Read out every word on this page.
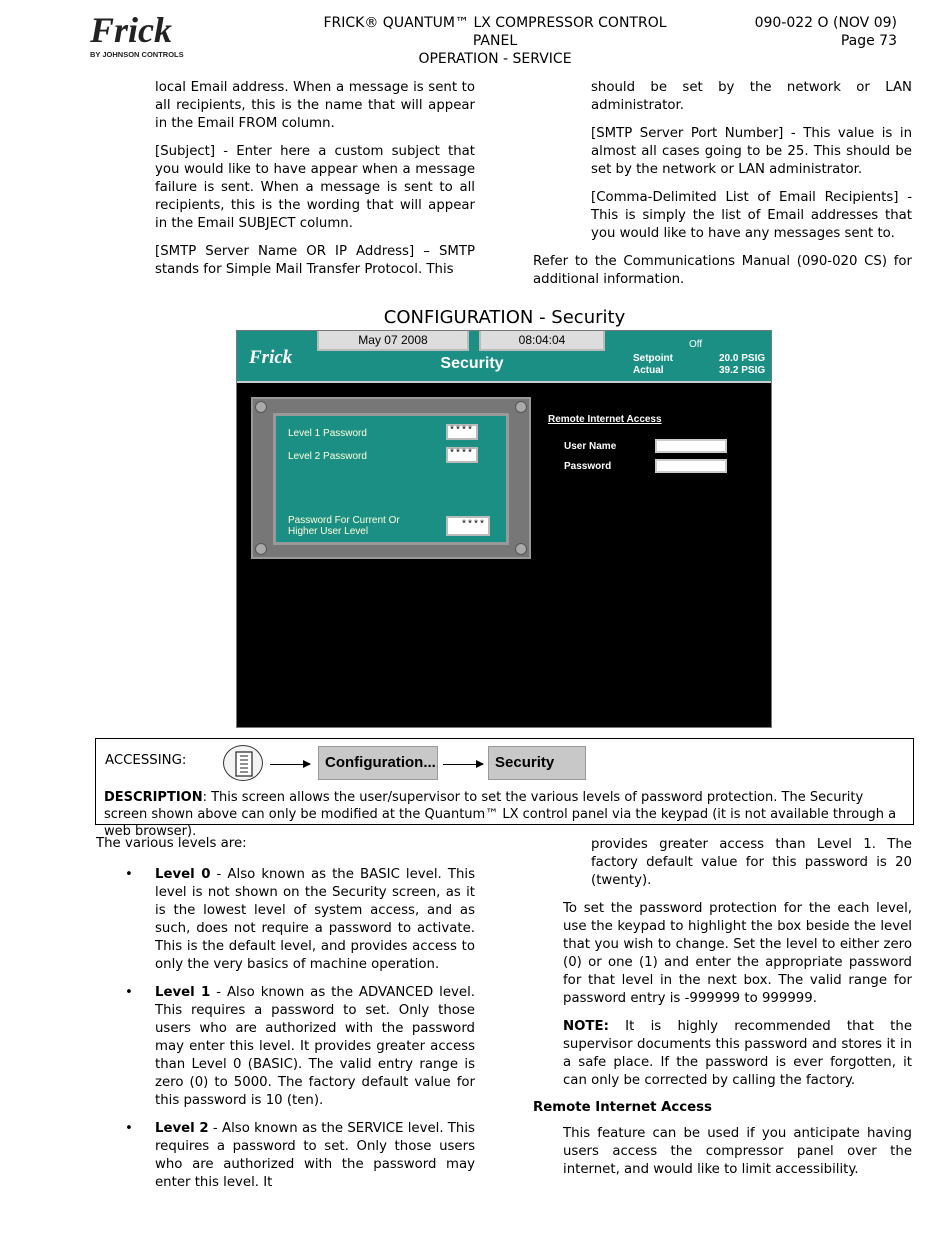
Frick
BY JOHNSON CONTROLS
FRICK® QUANTUM™ LX COMPRESSOR CONTROL PANEL
OPERATION - SERVICE
090-022 O (NOV 09)
Page 73

local Email address. When a message is sent to all recipients, this is the name that will appear in the Email FROM column.

[Subject] - Enter here a custom subject that you would like to have appear when a message failure is sent. When a message is sent to all recipients, this is the wording that will appear in the Email SUBJECT column.

[SMTP Server Name OR IP Address] – SMTP stands for Simple Mail Transfer Protocol. This

should be set by the network or LAN administrator.

[SMTP Server Port Number] - This value is in almost all cases going to be 25. This should be set by the network or LAN administrator.

[Comma-Delimited List of Email Recipients] - This is simply the list of Email addresses that you would like to have any messages sent to.

Refer to the Communications Manual (090-020 CS) for additional information.

CONFIGURATION - Security
May 07 2008	08:04:04
Frick	Security
Off
Setpoint	20.0 PSIG
Actual	39.2 PSIG
Level 1 Password	****
Level 2 Password	****
Password For Current Or Higher User Level
****
Remote Internet Access
User Name
Password
ACCESSING:	Configuration...	Security
DESCRIPTION: This screen allows the user/supervisor to set the various levels of password protection. The Security screen shown above can only be modified at the Quantum™ LX control panel via the keypad (it is not available through a web browser).
The various levels are:

• Level 0 - Also known as the BASIC level. This level is not shown on the Security screen, as it is the lowest level of system access, and as such, does not require a password to activate. This is the default level, and provides access to only the very basics of machine operation.

• Level 1 - Also known as the ADVANCED level. This requires a password to set. Only those users who are authorized with the password may enter this level. It provides greater access than Level 0 (BASIC). The valid entry range is zero (0) to 5000. The factory default value for this password is 10 (ten).

• Level 2 - Also known as the SERVICE level. This requires a password to set. Only those users who are authorized with the password may enter this level. It

provides greater access than Level 1. The factory default value for this password is 20 (twenty).

To set the password protection for the each level, use the keypad to highlight the box beside the level that you wish to change. Set the level to either zero (0) or one (1) and enter the appropriate password for that level in the next box. The valid range for password entry is -999999 to 999999.

NOTE: It is highly recommended that the supervisor documents this password and stores it in a safe place. If the password is ever forgotten, it can only be corrected by calling the factory.

Remote Internet Access

This feature can be used if you anticipate having users access the compressor panel over the internet, and would like to limit accessibility.
